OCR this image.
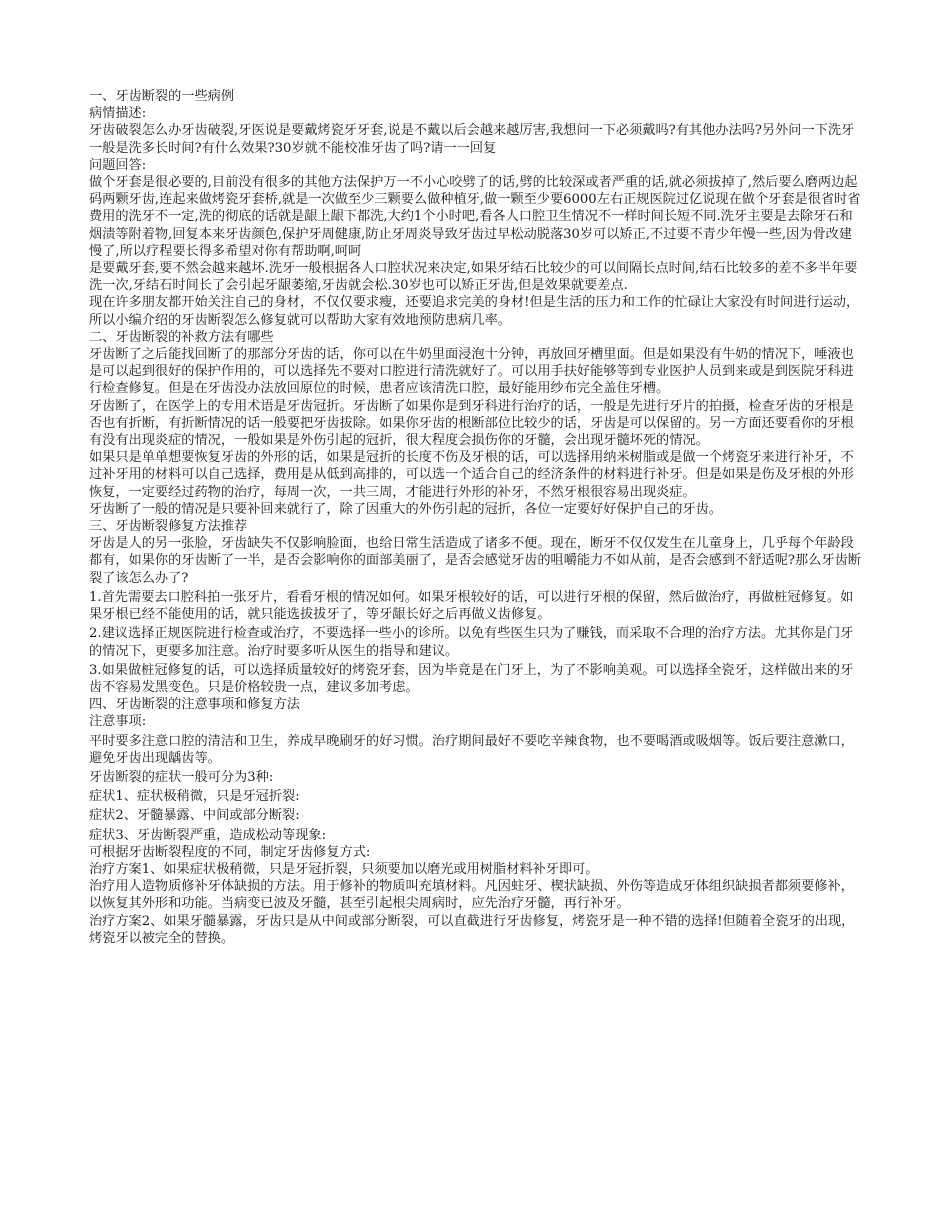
一、牙齿断裂的一些病例

病情描述:

牙齿破裂怎么办牙齿破裂,牙医说是要戴烤瓷牙牙套,说是不戴以后会越来越厉害,我想问一下必须戴吗?有其他办法吗?另外问一下洗牙一般是洗多长时间?有什么效果?30岁就不能校准牙齿了吗?请一一回复

问题回答:

做个牙套是很必要的,目前没有很多的其他方法保护万一不小心咬劈了的话,劈的比较深或者严重的话,就必须拔掉了,然后要么磨两边起码两颗牙齿,连起来做烤瓷牙套桥,就是一次做至少三颗要么做种植牙,做一颗至少要6000左右正规医院过亿说现在做个牙套是很省时省费用的洗牙不一定,洗的彻底的话就是龈上龈下都洗,大约1个小时吧,看各人口腔卫生情况不一样时间长短不同.洗牙主要是去除牙石和烟渍等附着物,回复本来牙齿颜色,保护牙周健康,防止牙周炎导致牙齿过早松动脱落30岁可以矫正,不过要不青少年慢一些,因为骨改建慢了,所以疗程要长得多希望对你有帮助啊,呵呵

是要戴牙套,要不然会越来越坏.洗牙一般根据各人口腔状况来决定,如果牙结石比较少的可以间隔长点时间,结石比较多的差不多半年要洗一次,牙结石时间长了会引起牙龈萎缩,牙齿就会松.30岁也可以矫正牙齿,但是效果就要差点.

现在许多朋友都开始关注自己的身材，不仅仅要求瘦，还要追求完美的身材!但是生活的压力和工作的忙碌让大家没有时间进行运动，所以小编介绍的牙齿断裂怎么修复就可以帮助大家有效地预防患病几率。

二、牙齿断裂的补救方法有哪些

牙齿断了之后能找回断了的那部分牙齿的话，你可以在牛奶里面浸泡十分钟，再放回牙槽里面。但是如果没有牛奶的情况下，唾液也是可以起到很好的保护作用的，可以选择先不要对口腔进行清洗就好了。可以用手扶好能够等到专业医护人员到来或是到医院牙科进行检查修复。但是在牙齿没办法放回原位的时候，患者应该清洗口腔，最好能用纱布完全盖住牙槽。

牙齿断了，在医学上的专用术语是牙齿冠折。牙齿断了如果你是到牙科进行治疗的话，一般是先进行牙片的拍摄，检查牙齿的牙根是否也有折断，有折断情况的话一般要把牙齿拔除。如果你牙齿的根断部位比较少的话，牙齿是可以保留的。另一方面还要看你的牙根有没有出现炎症的情况，一般如果是外伤引起的冠折，很大程度会损伤你的牙髓，会出现牙髓坏死的情况。

如果只是单单想要恢复牙齿的外形的话，如果是冠折的长度不伤及牙根的话，可以选择用纳米树脂或是做一个烤瓷牙来进行补牙，不过补牙用的材料可以自己选择，费用是从低到高排的，可以选一个适合自己的经济条件的材料进行补牙。但是如果是伤及牙根的外形恢复，一定要经过药物的治疗，每周一次，一共三周，才能进行外形的补牙，不然牙根很容易出现炎症。

牙齿断了一般的情况是只要补回来就行了，除了因重大的外伤引起的冠折，各位一定要好好保护自己的牙齿。

三、牙齿断裂修复方法推荐

牙齿是人的另一张脸，牙齿缺失不仅影响脸面，也给日常生活造成了诸多不便。现在，断牙不仅仅发生在儿童身上，几乎每个年龄段都有，如果你的牙齿断了一半，是否会影响你的面部美丽了，是否会感觉牙齿的咀嚼能力不如从前，是否会感到不舒适呢?那么牙齿断裂了该怎么办了?

1.首先需要去口腔科拍一张牙片，看看牙根的情况如何。如果牙根较好的话，可以进行牙根的保留，然后做治疗，再做桩冠修复。如果牙根已经不能使用的话，就只能选拔拔牙了，等牙龈长好之后再做义齿修复。

2.建议选择正规医院进行检查或治疗，不要选择一些小的诊所。以免有些医生只为了赚钱，而采取不合理的治疗方法。尤其你是门牙的情况下，更要多加注意。治疗时要多听从医生的指导和建议。

3.如果做桩冠修复的话，可以选择质量较好的烤瓷牙套，因为毕竟是在门牙上，为了不影响美观。可以选择全瓷牙，这样做出来的牙齿不容易发黑变色。只是价格较贵一点，建议多加考虑。

四、牙齿断裂的注意事项和修复方法

注意事项:

平时要多注意口腔的清洁和卫生，养成早晚刷牙的好习惯。治疗期间最好不要吃辛辣食物，也不要喝酒或吸烟等。饭后要注意漱口，避免牙齿出现龋齿等。

牙齿断裂的症状一般可分为3种:

症状1、症状极稍微，只是牙冠折裂:

症状2、牙髓暴露、中间或部分断裂:

症状3、牙齿断裂严重，造成松动等现象:

可根据牙齿断裂程度的不同，制定牙齿修复方式:

治疗方案1、如果症状极稍微，只是牙冠折裂，只须要加以磨光或用树脂材料补牙即可。

治疗用人造物质修补牙体缺损的方法。用于修补的物质叫充填材料。凡因蛀牙、楔状缺损、外伤等造成牙体组织缺损者都须要修补，以恢复其外形和功能。当病变已波及牙髓，甚至引起根尖周病时，应先治疗牙髓，再行补牙。

治疗方案2、如果牙髓暴露，牙齿只是从中间或部分断裂，可以直截进行牙齿修复，烤瓷牙是一种不错的选择!但随着全瓷牙的出现，烤瓷牙以被完全的替换。
